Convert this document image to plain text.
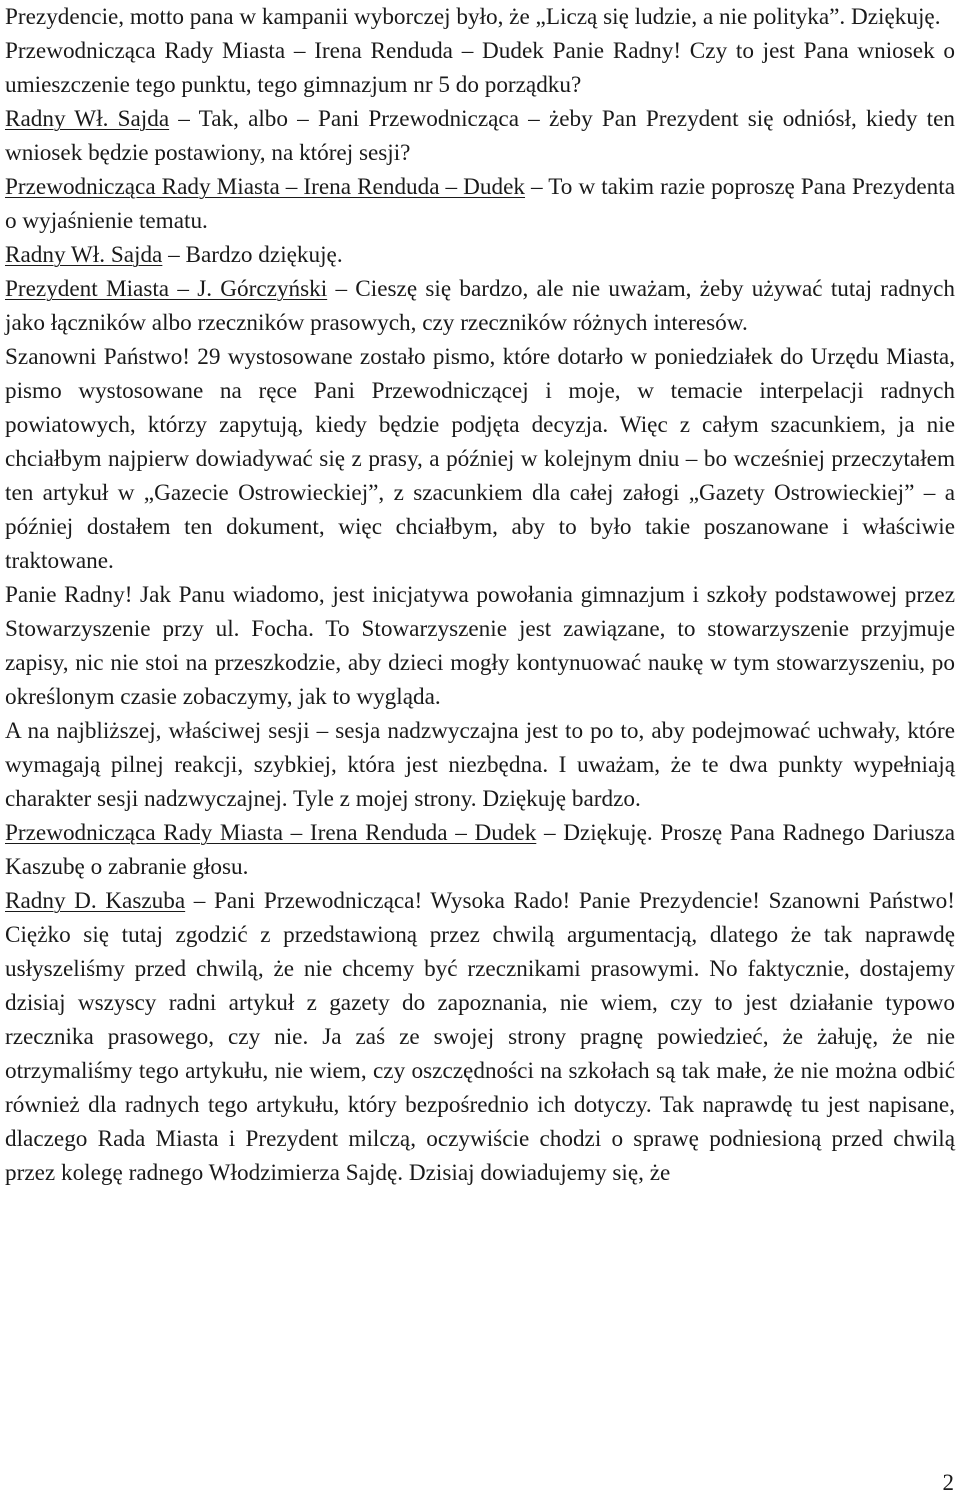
Prezydencie, motto pana w kampanii wyborczej było, że „Liczą się ludzie, a nie polityka”. Dziękuję.

Przewodnicząca Rady Miasta – Irena Renduda – Dudek Panie Radny! Czy to jest Pana wniosek o umieszczenie tego punktu, tego gimnazjum nr 5 do porządku?

Radny Wł. Sajda – Tak, albo – Pani Przewodnicząca – żeby Pan Prezydent się odniósł, kiedy ten wniosek będzie postawiony, na której sesji?

Przewodnicząca Rady Miasta – Irena Renduda – Dudek – To w takim razie poproszę Pana Prezydenta o wyjaśnienie tematu.

Radny Wł. Sajda – Bardzo dziękuję.

Prezydent Miasta – J. Górczyński – Cieszę się bardzo, ale nie uważam, żeby używać tutaj radnych jako łączników albo rzeczników prasowych, czy rzeczników różnych interesów.

Szanowni Państwo! 29 wystosowane zostało pismo, które dotarło w poniedziałek do Urzędu Miasta, pismo wystosowane na ręce Pani Przewodniczącej i moje, w temacie interpelacji radnych powiatowych, którzy zapytują, kiedy będzie podjęta decyzja. Więc z całym szacunkiem, ja nie chciałbym najpierw dowiadywać się z prasy, a później w kolejnym dniu – bo wcześniej przeczytałem ten artykuł w „Gazecie Ostrowieckiej”, z szacunkiem dla całej załogi „Gazety Ostrowieckiej” – a później dostałem ten dokument, więc chciałbym, aby to było takie poszanowane i właściwie traktowane.

Panie Radny! Jak Panu wiadomo, jest inicjatywa powołania gimnazjum i szkoły podstawowej przez Stowarzyszenie przy ul. Focha. To Stowarzyszenie jest zawiązane, to stowarzyszenie przyjmuje zapisy, nic nie stoi na przeszkodzie, aby dzieci mogły kontynuować naukę w tym stowarzyszeniu, po określonym czasie zobaczymy, jak to wygląda.

A na najbliższej, właściwej sesji – sesja nadzwyczajna jest to po to, aby podejmować uchwały, które wymagają pilnej reakcji, szybkiej, która jest niezbędna. I uważam, że te dwa punkty wypełniają charakter sesji nadzwyczajnej. Tyle z mojej strony. Dziękuję bardzo.

Przewodnicząca Rady Miasta – Irena Renduda – Dudek – Dziękuję. Proszę Pana Radnego Dariusza Kaszubę o zabranie głosu.

Radny D. Kaszuba – Pani Przewodnicząca! Wysoka Rado! Panie Prezydencie! Szanowni Państwo! Ciężko się tutaj zgodzić z przedstawioną przez chwilą argumentacją, dlatego że tak naprawdę usłyszeliśmy przed chwilą, że nie chcemy być rzecznikami prasowymi. No faktycznie, dostajemy dzisiaj wszyscy radni artykuł z gazety do zapoznania, nie wiem, czy to jest działanie typowo rzecznika prasowego, czy nie. Ja zaś ze swojej strony pragnę powiedzieć, że żałuję, że nie otrzymaliśmy tego artykułu, nie wiem, czy oszczędności na szkołach są tak małe, że nie można odbić również dla radnych tego artykułu, który bezpośrednio ich dotyczy. Tak naprawdę tu jest napisane, dlaczego Rada Miasta i Prezydent milczą, oczywiście chodzi o sprawę podniesioną przed chwilą przez kolegę radnego Włodzimierza Sajdę. Dzisiaj dowiadujemy się, że

2
